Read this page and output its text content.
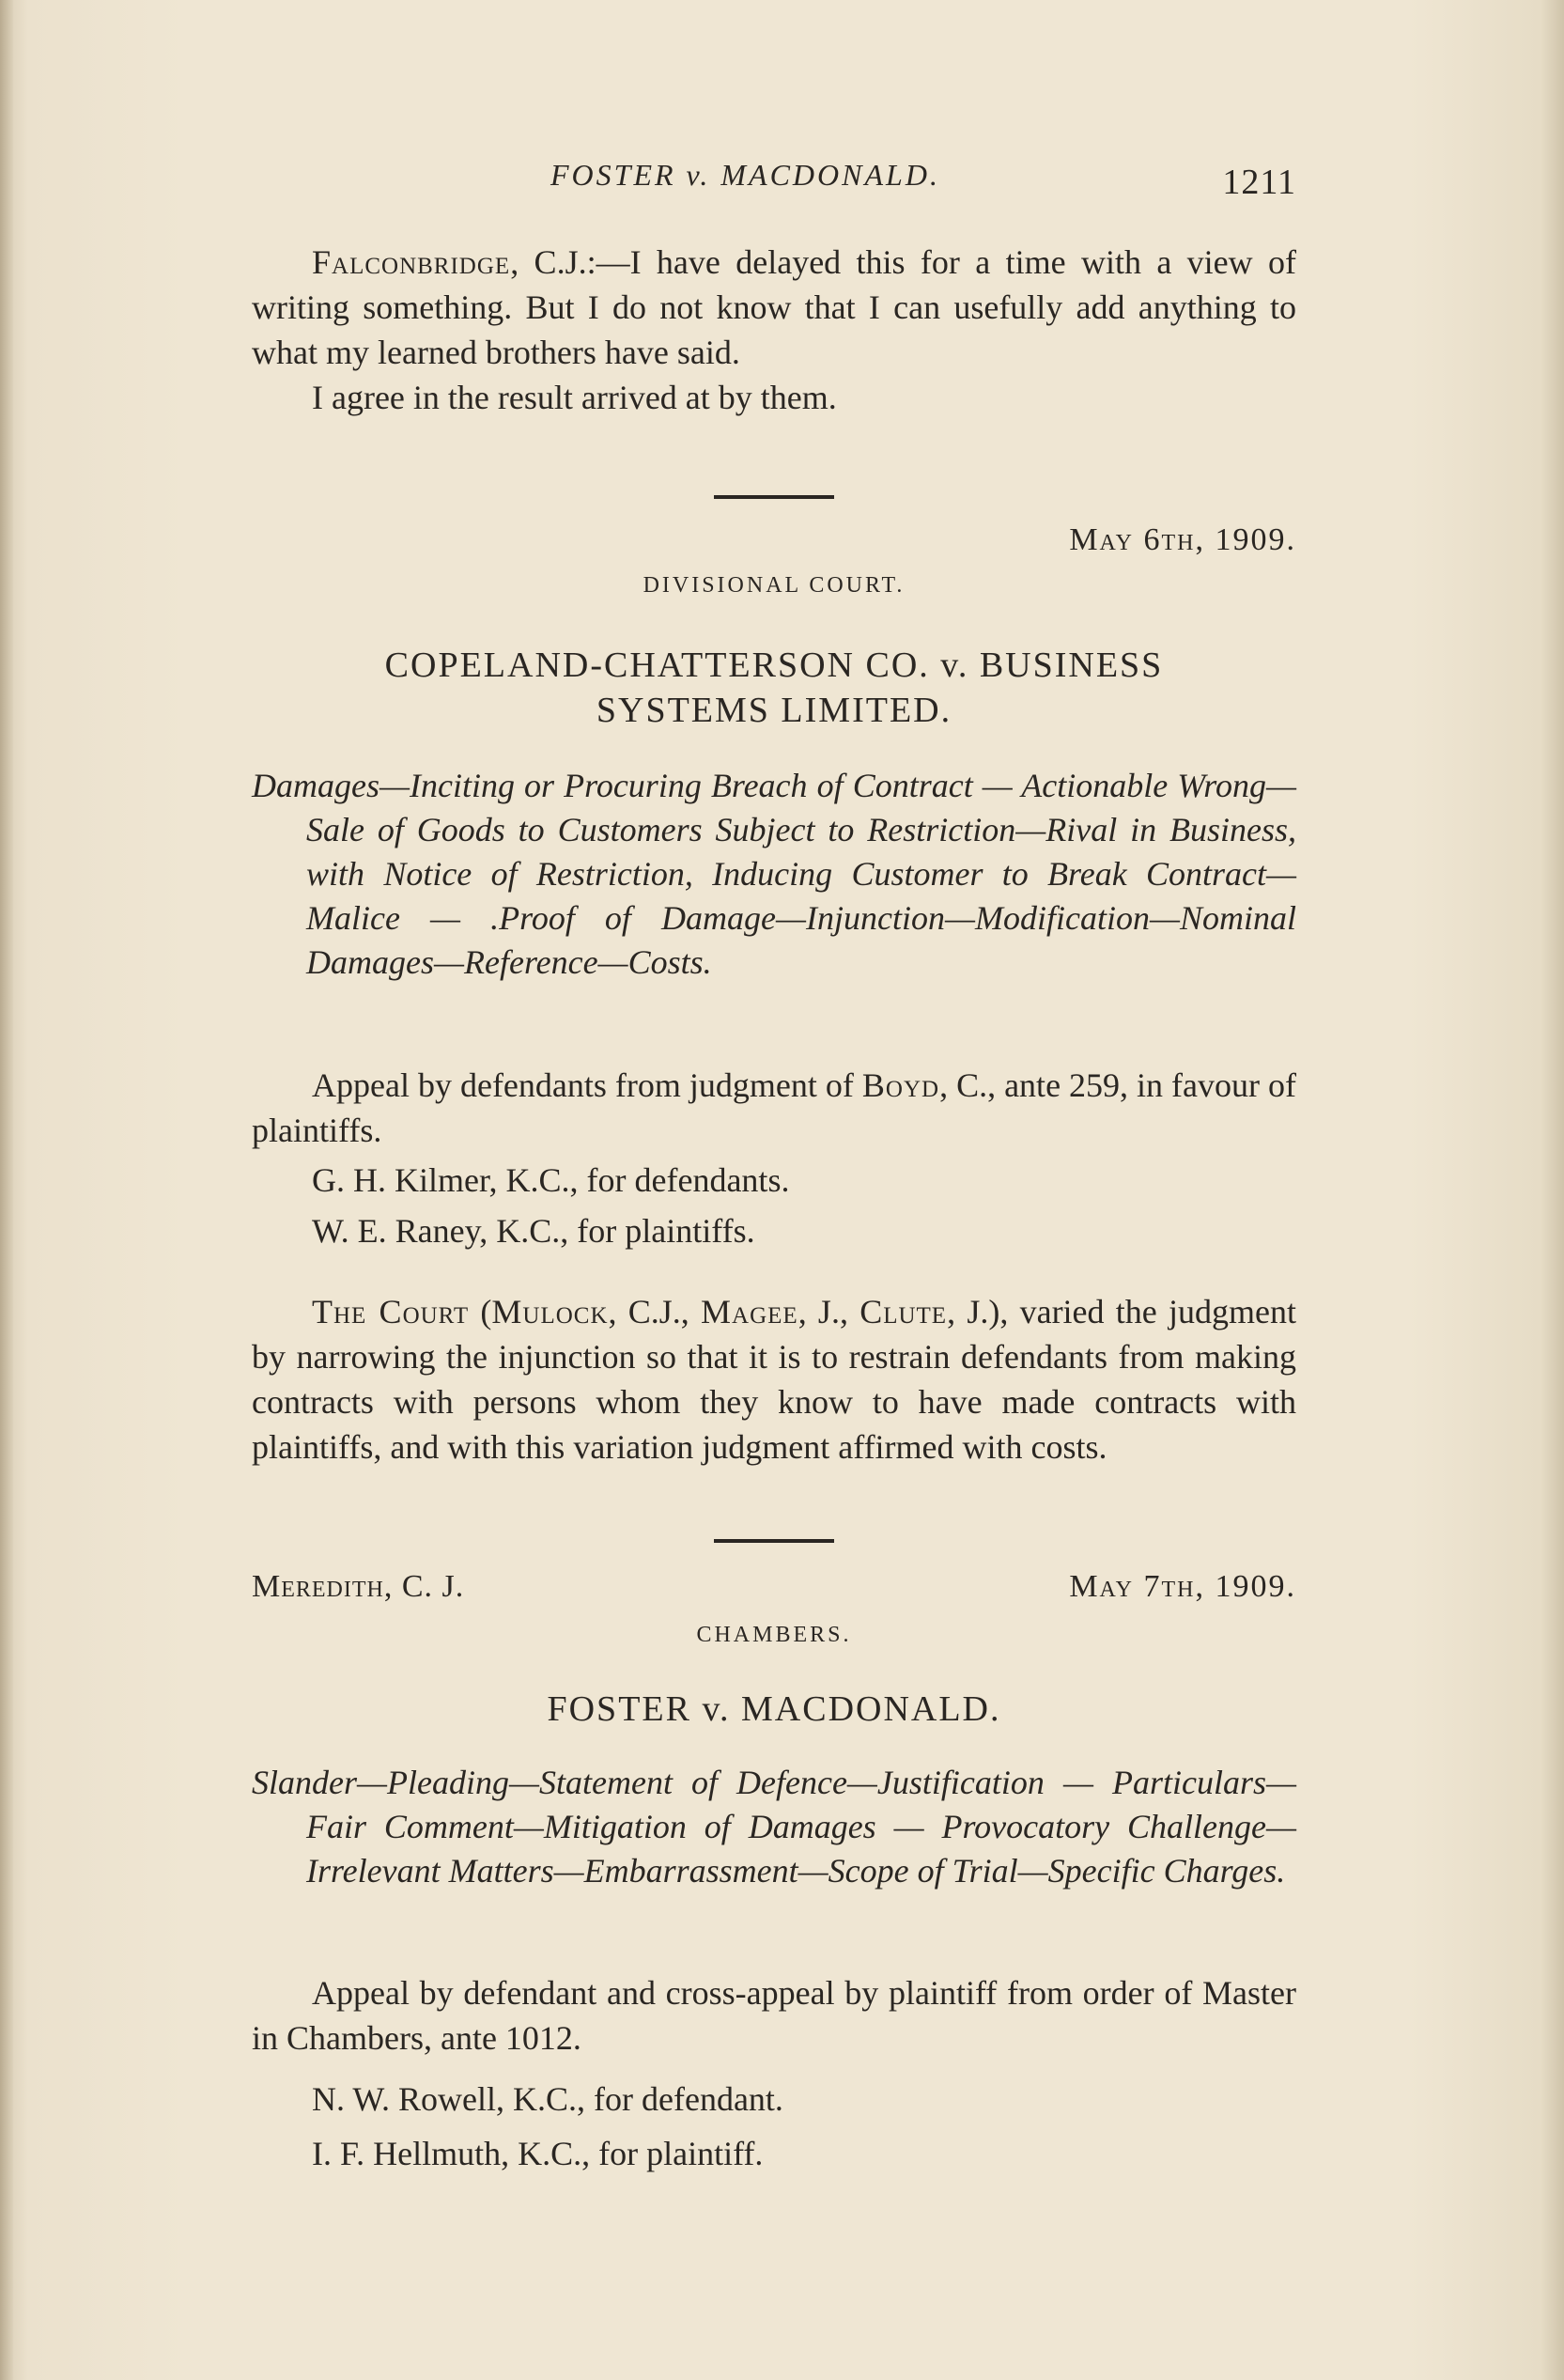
FOSTER v. MACDONALD.	1211

Falconbridge, C.J.:—I have delayed this for a time with a view of writing something. But I do not know that I can usefully add anything to what my learned brothers have said.

I agree in the result arrived at by them.

May 6th, 1909.
DIVISIONAL COURT.
COPELAND-CHATTERSON CO. v. BUSINESS
SYSTEMS LIMITED.
Damages—Inciting or Procuring Breach of Contract — Actionable Wrong—Sale of Goods to Customers Subject to Restriction—Rival in Business, with Notice of Restriction, Inducing Customer to Break Contract—Malice — .Proof of Damage—Injunction—Modification—Nominal Damages—Reference—Costs.

Appeal by defendants from judgment of Boyd, C., ante 259, in favour of plaintiffs.

G. H. Kilmer, K.C., for defendants.
W. E. Raney, K.C., for plaintiffs.

The Court (Mulock, C.J., Magee, J., Clute, J.), varied the judgment by narrowing the injunction so that it is to restrain defendants from making contracts with persons whom they know to have made contracts with plaintiffs, and with this variation judgment affirmed with costs.

Meredith, C. J.	May 7th, 1909.
CHAMBERS.
FOSTER v. MACDONALD.
Slander—Pleading—Statement of Defence—Justification — Particulars—Fair Comment—Mitigation of Damages — Provocatory Challenge—Irrelevant Matters—Embarrassment—Scope of Trial—Specific Charges.

Appeal by defendant and cross-appeal by plaintiff from order of Master in Chambers, ante 1012.

N. W. Rowell, K.C., for defendant.
I. F. Hellmuth, K.C., for plaintiff.
